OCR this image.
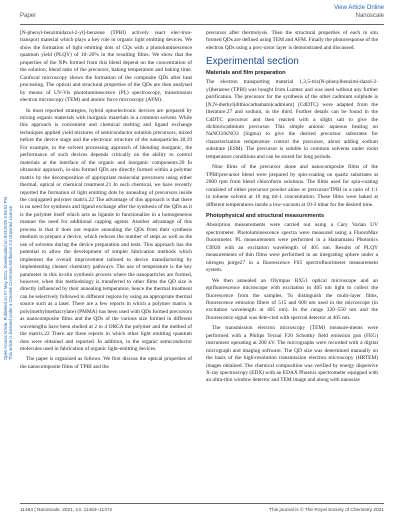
Paper
View Article Online
Nanoscale
Open Access Article. Published on 07 May 2021. Downloaded on 8/31/2025 5:58:52 PM. This article is licensed under a Creative Commons Attribution 3.0 Unported Licence.

[N-phenyl-benzimidazol-2-yl]-benzene (TPBI) actively react elec-tron-transport material which plays a key role in organic light emitting devices. We show the formation of light emitting dots of CQs with a photoluminescence quantum yield (PLQY) of 10–20% in the resulting films. We show that the properties of the NPs formed from this blend depend on the concentration of the solution, blend ratio of the precursor, baking temperature and baking time. Confocal microscopy shows the formation of the composite QDs after heat processing. The optical and structural properties of the QDs are then analysed by means of UV-Vis photoluminescence (PL) spectroscopy, transmission electron microscopy (TEM) and atomic force microscopy (AFM).

In most reported strategies, hybrid optoelectronic devices are prepared by mixing organic materials with inorganic materials in a common solvent. While this approach is convenient and chemical melting and ligand exchange techniques applied yield mixtures of semiconductor solution precursors, mixed before the device stage and the electronic structure of the nanoparticles.18,19 For example, in the solvent processing approach of blending inorganic, the performance of such devices depends critically on the ability to control materials at the interface of the organic and inorganic components.20 In ultrasonic approach, in-situ formed QDs are directly formed within a polymer matrix by the decomposition of appropriate molecular precursors using either thermal, optical or chemical treatment.21 In such chemical, we have recently reported the formation of light emitting dots by annealing of precursors inside the conjugated polymer matrix.22 The advantage of this approach is that there is no need for synthesis and ligand exchange after the synthesis of the QDs as it is the polymer itself which acts as ligands to functionalize in a homogeneous manner the need for additional capping agents. Another advantage of this process is that it does not require annealing the QDs from their synthesis medium to prepare a device, which reduces the number of steps as well as the use of solvents during the device preparation and tests. This approach has the potential to allow the development of simpler fabrication methods which implement the overall improvement tailored to device manufacturing by implementing cleaner chemistry pathways. The use of temperature is the key parameter in this in-situ synthesis process where the nanoparticles are formed, however, when this methodology is transferred to other films the QD size is directly influenced by their annealing temperature, hence the thermal treatment can be selectively followed in different regions by using an appropriate thermal source such as a laser. There are a few reports in which a polymer matrix is poly(methylmethacrylate) (PMMA) has been used with QDs formed precursors as nanocomposite films and the QDs of the various size formed in different wavelengths have been studied at 2 to 4 ORCA the polymer and the method of the matrix.22 There are three reports in which other light emitting quantum dots were obtained and reported. In addition, in the organic semiconductor molecules used in fabrication of organic light-emitting devices.

The paper is organized as follows. We first discuss the optical properties of the nanocomposite films of TPBI and the

precursor after thermolysis. Then the structural properties of each in situ formed QDs are defined using TEM and AFM. Finally the photoresponse of the electron QDs using a prec-ursor layer is demonstrated and discussed.

Experimental section
Materials and film preparation

The electron transporting material 1,3,5-tris(N-phenylbenzimi-dazol-2-yl)benzene (TPBI) was bought from Lumtec and was used without any further purification. The precursor for the synthesis of the other cadmium sulphide is [N,N-diethyl(dithiocarbamato)cadmium] (CdDTC) were adapted from the literature.27 and sodium, in the third. Further details can be found in the CdDTC precursor and then reacted with a slight salt to give the dichlorocadmium precursor. This simple anionic aqueous heating on NaNO3/KNO3 (Sigma) to give the desired precursor substrates for characterization temperature control the precursor, about adding sodium substrate (ESM). The precursor is soluble in common solvents under room temperature conditions and can be stored for long periods.

Nine films of the precursor alone and nanocomposite films of the TPBI/precursor blend were prepared by spin-coating on quartz substrates at 2000 rpm from blend chloroform solutions. The films used for spin-coating consisted of either precursor powder alone or precursor/TPBI in a ratio of 1:1 in toluene solvent at 10 mg ml-1 concentration. These films were baked at different temperatures inside a low-vacuum at 10-3 mbar for the desired time.

Photophysical and structural measurements

Absorption measurements were carried out using a Cary Varian UV spectrometer. Photoluminescence spectra were measured using a FluoroMax fluorometer. PL measurements were performed in a Hamamatsu Photonics C9920 with an excitation wavelength of 405 nm. Results of PLQY measurements of thin films were performed in an integrating sphere under a nitrogen purge27 in a fluorescence FS5 spectrofluorimeter measurement system.

We then annealed an Olympus BX51 optical microscope and an epifluorescence microscope with excitation in 405 nm light to collect the fluorescence from the samples. To distinguish the multi-layer films, fluorescence emission filters of 515 and 600 nm used in the microscope (in excitation wavelength at 405 nm). In the range 320–550 nm and the fluorescence signal was dete-cted with spectral detector at 405 nm.

The transmission electron microscopy (TEM) measure-ments were performed with a Philips Tecnai F20 Schottky field emission gun (FEG) instrument operating at 200 kV. The micrographs were recorded with a digital micrograph and imaging software. The QD size was determined manually on the basis of the high-resolution transmission electron microscopy (HRTEM) images obtained. The chemical composition was verified by energy dispersive X-ray spectroscopy (EDX) with an EDAX Phoenix spectrometer equipped with an ultra-thin window detector and TEM image and along with nanosize

11464 | Nanoscale, 2021, 13, 11463–11472	This journal is © The Royal Society of Chemistry 2021
